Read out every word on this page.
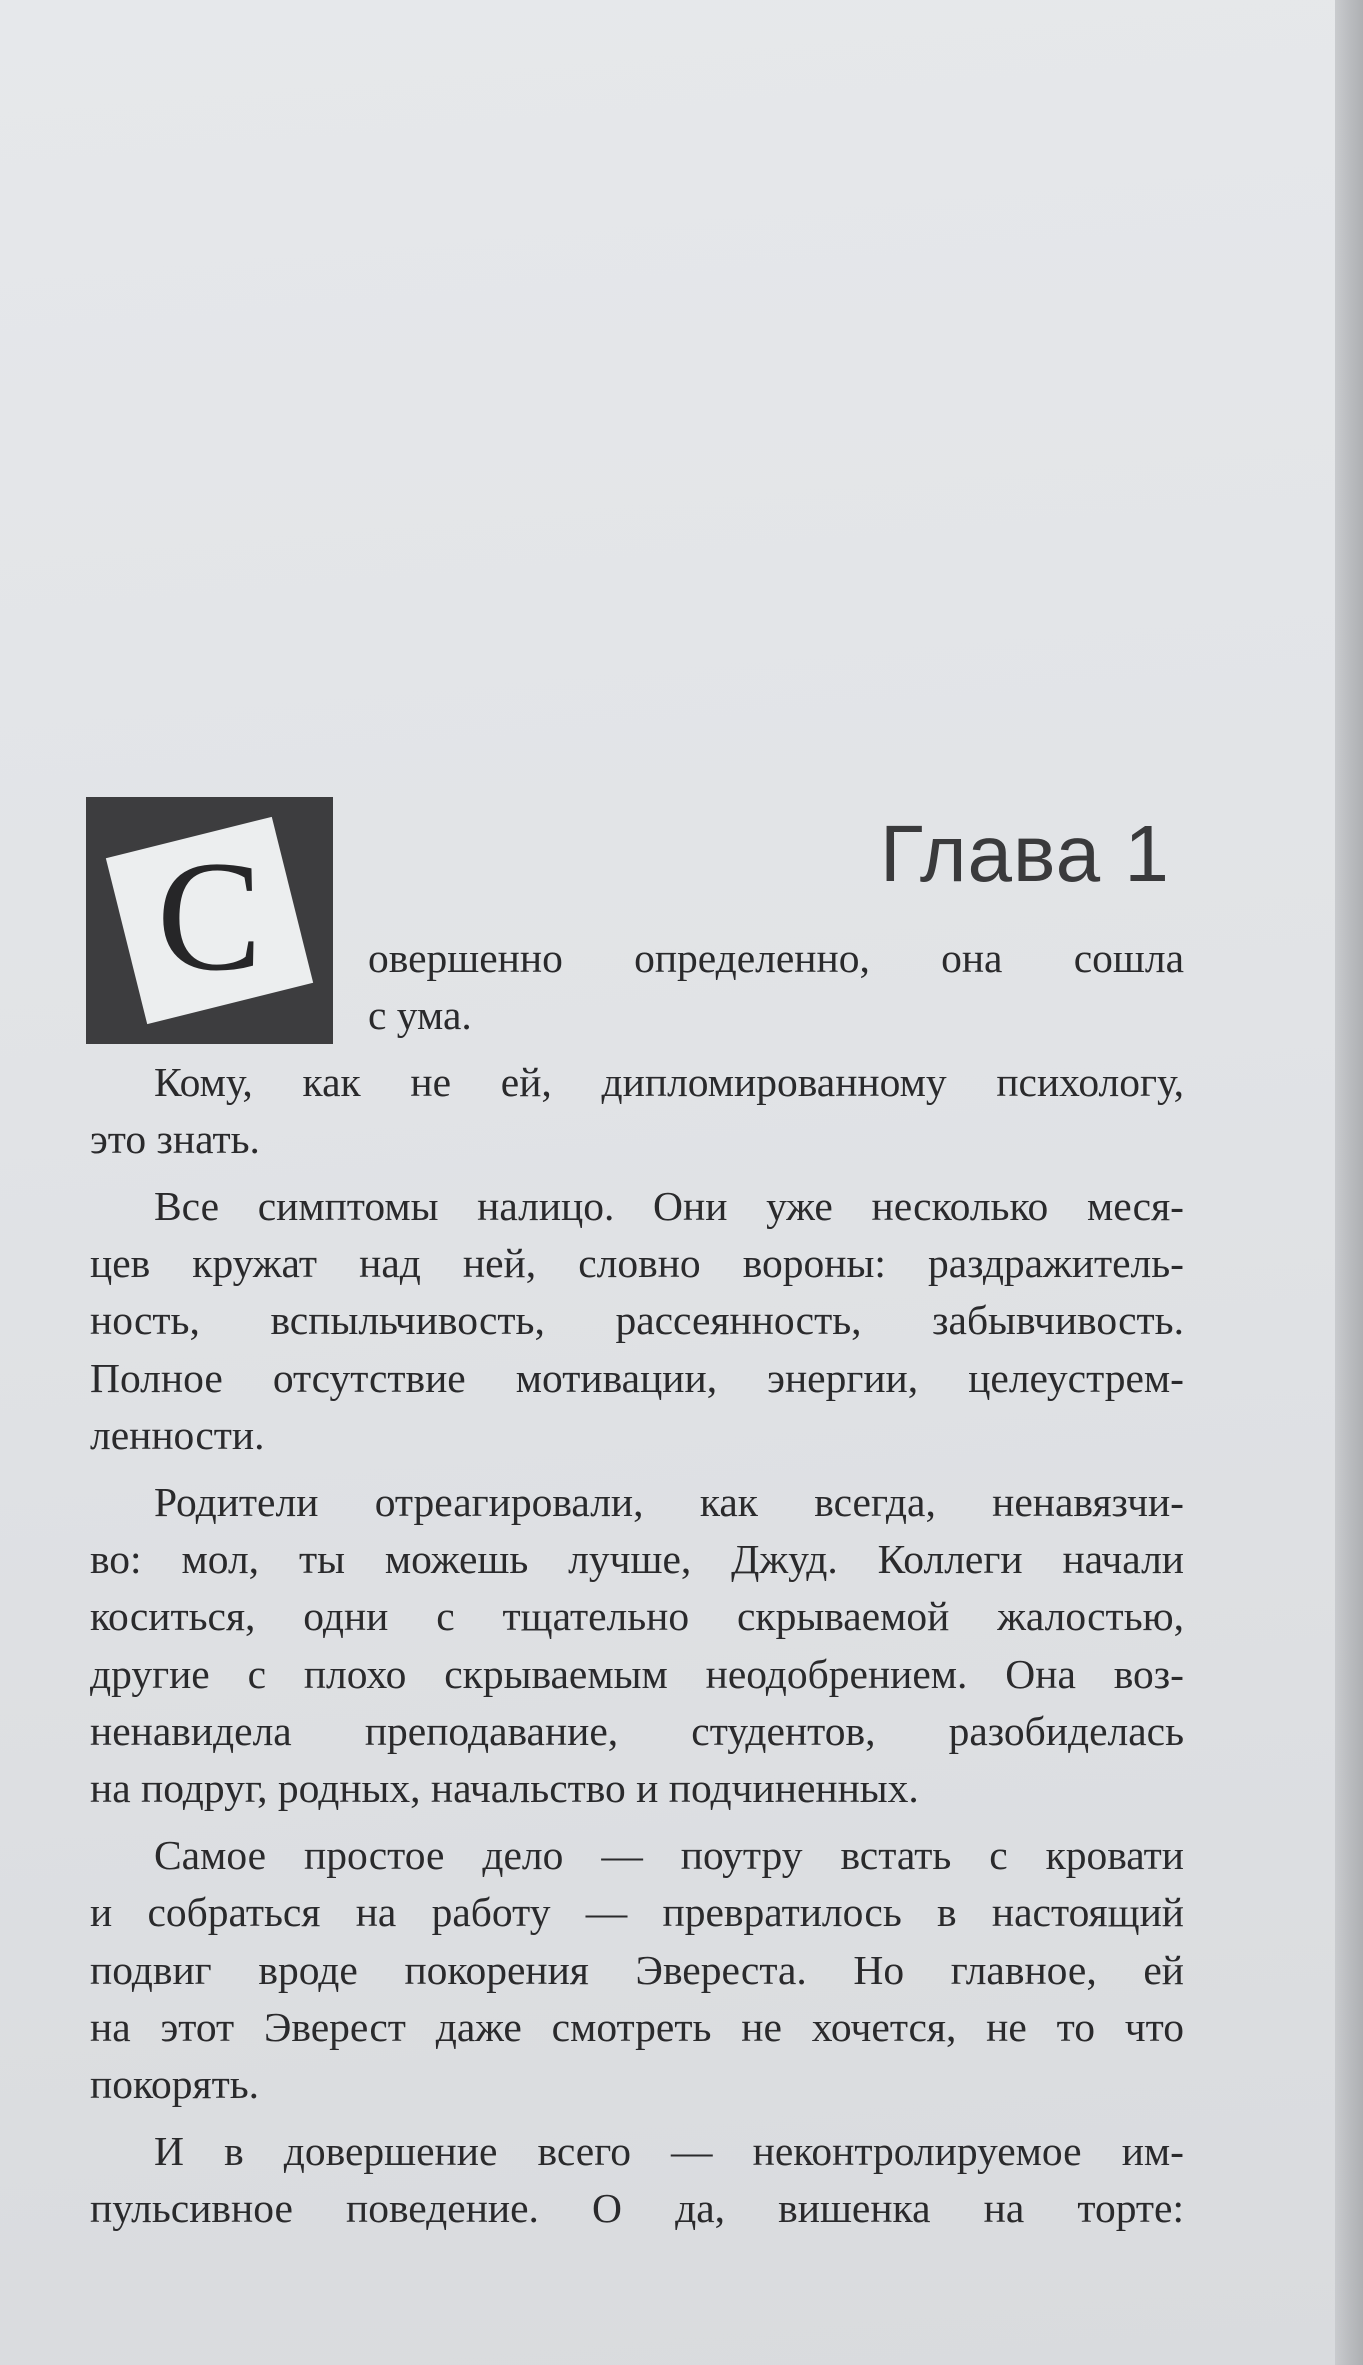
С	Глава 1
овершенно определенно, она сошла
с ума.
Кому, как не ей, дипломированному психологу,
это знать.
Все симптомы налицо. Они уже несколько меся-
цев кружат над ней, словно вороны: раздражитель-
ность, вспыльчивость, рассеянность, забывчивость.
Полное отсутствие мотивации, энергии, целеустрем-
ленности.
Родители отреагировали, как всегда, ненавязчи-
во: мол, ты можешь лучше, Джуд. Коллеги начали
коситься, одни с тщательно скрываемой жалостью,
другие с плохо скрываемым неодобрением. Она воз-
ненавидела преподавание, студентов, разобиделась
на подруг, родных, начальство и подчиненных.
Самое простое дело — поутру встать с кровати
и собраться на работу — превратилось в настоящий
подвиг вроде покорения Эвереста. Но главное, ей
на этот Эверест даже смотреть не хочется, не то что
покорять.
И в довершение всего — неконтролируемое им-
пульсивное поведение. О да, вишенка на торте:
